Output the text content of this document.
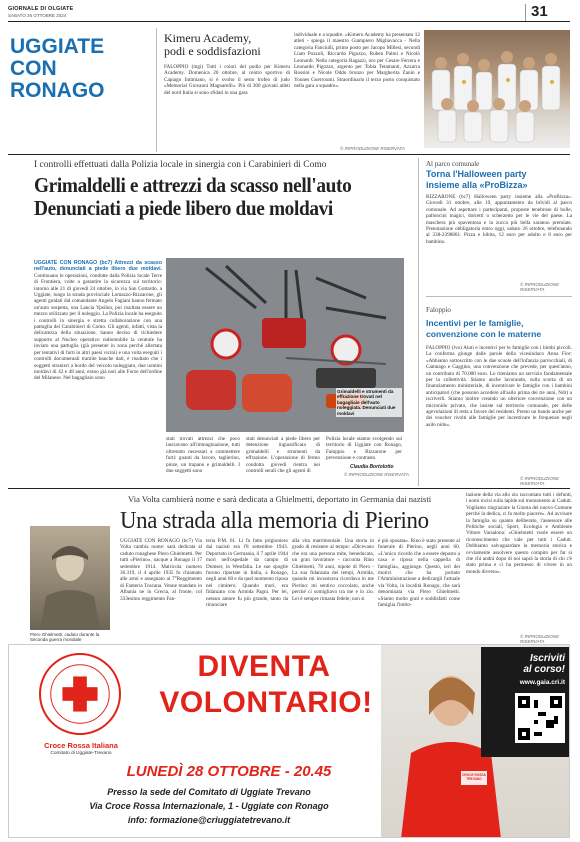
GIORNALE DI OLGIATE
SABATO 26 OTTOBRE 2024	31
UGGIATE
CON
RONAGO
Kimeru Academy,
podi e soddisfazioni
FALOPPIO (mgi) Tutti i colori del podio per Kimeru Academy. Domenica 20 ottobre, al centro sportivo di Capiago Intimiano, si è svolto il sesto trofeo di judo «Memorial Giovanni Magnarelli». Più di 300 giovani atleti del nord Italia si sono sfidati in una gara
individuale e a squadre. «Kimeru Academy ha presentato 12 atleti - spiega il maestro Giampiero Migliavacca - Nella categoria Fanciulli, primo posto per Jacopo Millesi, secondi Liam Pozzoli, Riccardo Pigozzo, Ruben Palmi e Nicolò Leonardi. Nella categoria Ragazzi, oro per Cesare Ferrera e Leonardo Pigozzo, argento per Tobia Tetamanti, Azzurra Rossini e Nicole Oddo bronzo per Margherita Zanin e Younes Guerroumi. Straordinario il terzo posto conquistato nella gara a squadre».
© RIPRODUZIONE RISERVATA
I controlli effettuati dalla Polizia locale in sinergia con i Carabinieri di Como
Grimaldelli e attrezzi da scasso nell'auto
Denunciati a piede libero due moldavi
UGGIATE CON RONAGO (bc7) Attrezzi da scasso nell'auto, denunciati a piede libero due moldavi. Continuano le operazioni, condotte dalla Polizia locale Terre di Frontiera, volte a garantire la sicurezza sul territorio: intorno alle 21 di giovedì 24 ottobre, in via San Gottardo, a Uggiate, lungo la strada provinciale Lomazzo-Bizzarone, gli agenti guidati dal comandante Angelo Fagiani hanno fermato un'auto sospetta, una Lancia Ypsilon, poi risultata essere un mezzo utilizzato per il noleggio. La Polizia locale ha eseguito i controlli in sinergia e stretta collaborazione con una pattuglia dei Carabinieri di Como. Gli agenti, infatti, vista la delicatezza della situazione, hanno deciso di richiedere supporto al Nucleo operativo radiomobile la centrale ha inviato una pattuglia (già presente in zona perché allertata per tentativi di furti in altri paesi vicini) e una volta eseguiti i controlli documentali tramite banche dati, è risultato che i soggetti stranieri a bordo del veicolo noleggiato, due uomini moldavi di 42 e 48 anni, erano già noti alle Forze dell'ordine del Milanese. Nel bagagliaio sono
Grimaldelli e strumenti da effrazione trovati nel bagagliaio dell'auto noleggiata. Denunciati due moldavi
stati trovati attrezzi che poco lasciavano all'immaginazione, tutti oltretutto necessari a commettere furti: guanti da lavoro, taglierino, pinze, un trapano e grimaldelli. I due soggetti sono
stati denunciati a piede libero per detenzione ingiustificata di grimaldelli e strumenti da effrazione. L'operazione di fermo condotta giovedì rientra nei controlli serali che gli agenti di
Polizia locale stanno svolgendo sul territorio di Uggiate con Ronago, Faloppio e Bizzarone per prevenzione e contrasto.
Claudia Bortolotto
© RIPRODUZIONE RISERVATA
Al parco comunale
Torna l'Halloween party
insieme alla «ProBizza»
BIZZARONE (bc7) Halloween party insieme alla «ProBizza». Giovedì 31 ottobre, alle 19, appuntamento da brividi al parco comunale. Ad aspettare i partecipanti, proposte tenebrose di bolle, palloncini magici, dolcetti o scherzetto per le vie del paese. La maschera più spaventosa e la zucca più bella saranno premiate. Prenotazione obbligatoria entro oggi, sabato 26 ottobre, telefonando al 338-2398801. Pizza e bibita, 12 euro per adulto e 8 euro per bambino.
© RIPRODUZIONE RISERVATA
Faloppio
Incentivi per le famiglie,
convenzione con le materne
FALOPPIO (lvo) Aiuti e incentivi per le famiglie con i bimbi piccoli. La conferma giunge dalle parole della vicesindaco Anna Fior: «Abbiamo sottoscritto con le due scuole dell'infanzia parrocchiali, di Camnago e Gaggino, una convenzione che prevede, per quest'anno, un contributo di 70.000 euro. Lo riteniamo un servizio fondamentale per la collettività. Stiamo anche lavorando, sulla scorta di un finanziamento ministeriale, di incentivare le famiglie con i bambini anticipatori (che possono accedere all'asilo prima dei tre anni, Ndr) a iscriverli. Stiamo inoltre creando un ulteriore convenzione con un micronido privato, che insiste sul territorio comunale, per delle agevolazioni di retta a favore dei residenti. Presto un bando anche per dei voucher rivolti alle famiglie per incentivare le frequenze negli asilo nido».
© RIPRODUZIONE RISERVATA
Via Volta cambierà nome e sarà dedicata a Ghielmetti, deportato in Germania dai nazisti
Una strada alla memoria di Pierino
Piero Ghielmetti, caduto durante la Seconda guerra mondiale
UGGIATE CON RONAGO (bc7) Via Volta cambia nome: sarà dedicata al caduto ronaghese Piero Ghielmetti. Per tutti «Pierino», nacque a Ronago il 17 settembre 1914. Matricola numero 36.319, il 4 aprile 1935 fu chiamato alle armi e assegnato al 7°Reggimento di Fanteria Toscana. Venne mandato in Albania ne in Grecia, al fronte, col 333esimo reggimento Fan-
teria P.M. 61. Li fu fatto prigioniero dai nazisti era l'8 settembre 1943. Deportato in Germania, il 7 aprile 1944 morì nell'ospedale da campo di Domser, in Westfalia. Le sue spoglie furono riportate in Italia, a Ronago, negli anni 60 e da quel momento riposa nel cimitero. Quando morì, era fidanzato con Armida Pagni. Per lei, nessun amore fu più grande, tanto da rinunciare
alla vita matrimoniale. Una storia in grado di resistere al tempo: «Dicevano che era una persona mite, beneducata, un gran lavoratore - racconta Rino Ghielmetti, 78 anni, nipote di Piero - La sua fidanzata dei tempi, Armida, quando mi incontrava ricordava in me Pierino: mi sentivo coccolato, anche perché ci somigliavo tra me e lo zio. Lei è sempre rimasta fedele; non si
è più sposata». Rino è stato presente al funerale di Pierino, negli anni 60. «L'unico ricordo che a essere deposto a casa e riposa nella cappella di famiglia», aggiunge. Questo, ieri dei motivi che ha portato l'Amministrazione a dedicargli l'attuale via Volta, in località Ronago, che sarà denominata via Piero Ghielmetti. «Siamo molto grati e soddisfatti come famiglia l'intito-
lazione della via allo zio raccontato tutti i defunti, i nomi incisi sulla lapide sul monumento ai Caduti. Vogliamo ringraziare la Giunta del nuovo Comune perché la dedica, ci fa molto piacere». Ad avvisare la famiglia su quanto deliberato, l'assessore alle Politiche sociali, Sport, Ecologia e Ambiente Vittore Varsalona: «Ghielmetti vuole essere un riconoscimento che vale per tutti i Caduti. Dobbiamo salvaguardare la memoria storica e ovviamente assolvere questo compito per far sì che chi andrà dopo di noi saprà la storia di chi c'è stato prima e ci ha permesso di vivere in un mondo diverso».
© RIPRODUZIONE RISERVATA
Croce Rossa Italiana
Comitato di Uggiate-Trevano
DIVENTA
VOLONTARIO!
CROCE ROSSA TREVANO
Iscriviti
al corso!
www.gaia.cri.it
LUNEDÌ 28 OTTOBRE - 20.45
Presso la sede del Comitato di Uggiate Trevano
Via Croce Rossa Internazionale, 1 - Uggiate con Ronago
info: formazione@criuggiatetrevano.it
